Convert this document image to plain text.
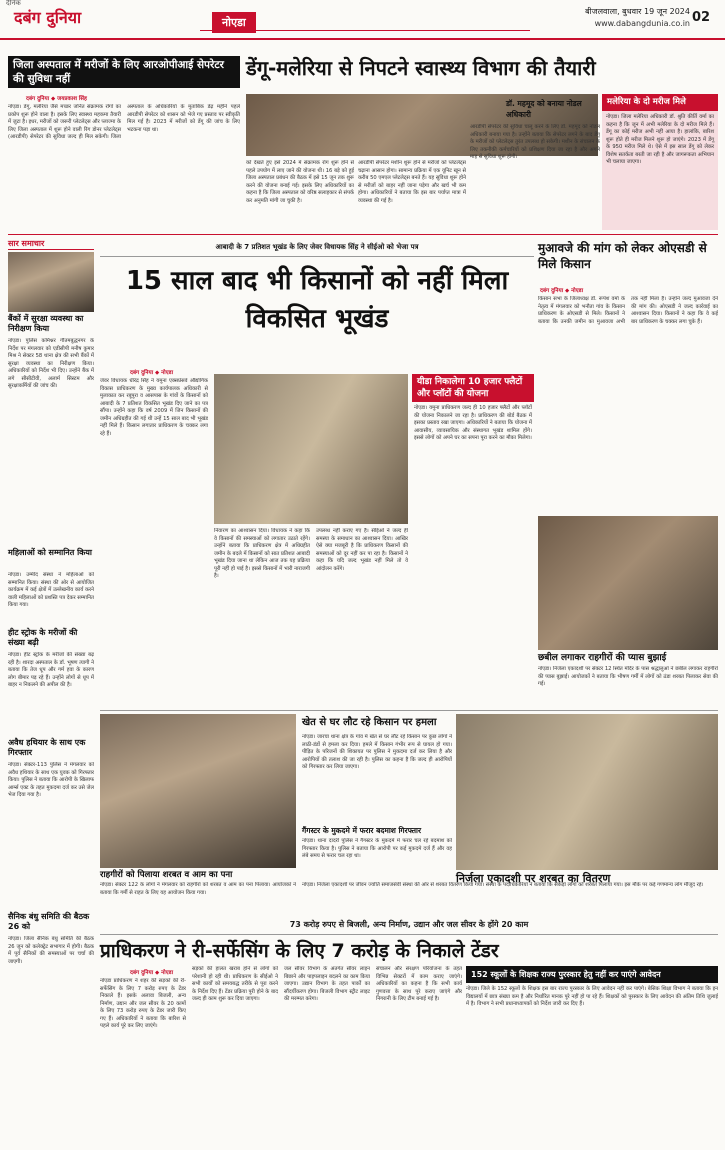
दैनिक
दबंग दुनिया	नोएडा
बीजलवाला, बुधवार 19 जून 2024
www.dabangdunia.co.in 02
जिला अस्पताल में मरीजों के लिए आरओपीआई सेपरेटर की सुविधा नहीं
दबंग दुनिया ◆ जयप्रकाश सिंह
नोएडा। डेंगू, मलेरिया जैसे मच्छर जनित संक्रामक रोगों का प्रकोप शुरू होने वाला है। इसके लिए स्वास्थ्य महकमा तैयारी में जुटा है। इधर, मरीजों को जरूरी प्लेटलेट्स और प्लाज्मा के लिए जिला अस्पताल में शुरू होने वाली रिंग डोनर प्लेटलेट्स (आरडीपी) सेपरेटर की सुविधा जल्द ही मिल सकेगी। जिला अस्पताल के अधिकारियों के मुताबिक डेढ़ महीने पहले आरडीपी सेपरेटर को शासन को भेजे गए प्रस्ताव पर स्वीकृति मिल गई है। 2023 में मरीजों को डेंगू की जांच के लिए भटकना पड़ा था।
डेंगू-मलेरिया से निपटने स्वास्थ्य विभाग की तैयारी
को देखते हुए इसे 2024 में संक्रामक रोग शुरू होने से पहले उपयोग में लाए जाने की योजना थी। 16 बड़े को हुई जिला अस्पताल प्रबंधन की बैठक में इसे 15 जून तक शुरू करने की योजना बनाई गई। इसके लिए अधिकारियों का कहना है कि जिला अस्पताल को वरिष्ठ सलाहकार से संपर्क कर अनुमति मांगी जा चुकी है।
आरडीपी सेपरेटर मशीन शुरू होने से मरीजों को प्लेटलेट्स चढ़ाना आसान होगा। सामान्य प्रक्रिया में एक यूनिट खून से करीब 50 एमएल प्लेटलेट्स बनते हैं। यह सुविधा शुरू होने से मरीजों को बाहर नहीं जाना पड़ेगा और खर्च भी कम होगा। अधिकारियों ने बताया कि इस बार पर्याप्त मात्रा में व्यवस्था की गई है।
डॉ. महमूद को बनाया नोडल अधिकारी
आरडीपी सेपरेटर की सुविधा चालू करने के लिए डॉ. महमूद को नोडल अधिकारी बनाया गया है। उन्होंने बताया कि सेपरेटर लगने के बाद डेंगू के मरीजों को प्लेटलेट्स तुरंत उपलब्ध हो सकेगी। मशीन के संचालन के लिए तकनीकी कर्मचारियों को प्रशिक्षण दिया जा रहा है और अगले माह से सुविधा शुरू होगी।
मलेरिया के दो मरीज मिले
नोएडा। जिला मलेरिया अधिकारी डॉ. श्रुति कीर्ति वर्मा का कहना है कि जून में अभी मलेरिया के दो मरीज मिले हैं। डेंगू का कोई मरीज अभी नहीं आया है। हालांकि, बारिश शुरू होते ही मरीज मिलने शुरू हो जाएंगे। 2023 में डेंगू के 950 मरीज मिले थे। ऐसे में इस साल डेंगू को लेकर विशेष सतर्कता बरती जा रही है और जागरूकता अभियान भी चलाया जाएगा।
सार समाचार
बैंकों में सुरक्षा व्यवस्था का निरीक्षण किया
नोएडा। पुलिस कमिश्नर गौतमबुद्धनगर के निर्देश पर मंगलवार को एडीसीपी मनीष कुमार मिश्र ने सेक्टर 58 थाना क्षेत्र की सभी बैंकों में सुरक्षा व्यवस्था का निरीक्षण किया। अधिकारियों को निर्देश भी दिए। उन्होंने बैंक में लगे सीसीटीवी, अलार्म सिस्टम और सुरक्षाकर्मियों की जांच की।
महिलाओं को सम्मानित किया
नोएडा। उम्मीद संस्था ने महिलाओं को सम्मानित किया। संस्था की ओर से आयोजित कार्यक्रम में कई क्षेत्रों में उल्लेखनीय कार्य करने वाली महिलाओं को प्रशस्ति पत्र देकर सम्मानित किया गया।
हीट स्ट्रोक के मरीजों की संख्या बढ़ी
नोएडा। हीट स्ट्रोक के मरीजों की संख्या बढ़ रही है। शारदा अस्पताल के डॉ. भूषण त्यागी ने बताया कि तेज धूप और गर्म हवा के कारण लोग बीमार पड़ रहे हैं। उन्होंने लोगों से धूप में बाहर न निकलने की अपील की है।
अवैध हथियार के साथ एक गिरफ्तार
नोएडा। सेक्टर-113 पुलिस ने मंगलवार को अवैध हथियार के साथ एक युवक को गिरफ्तार किया। पुलिस ने बताया कि आरोपी के खिलाफ आर्म्स एक्ट के तहत मुकदमा दर्ज कर उसे जेल भेज दिया गया है।
सैनिक बंधु समिति की बैठक 26 को
नोएडा। जिला सैनिक बंधु समिति की बैठक 26 जून को कलेक्ट्रेट सभागार में होगी। बैठक में पूर्व सैनिकों की समस्याओं पर चर्चा की जाएगी।
आबादी के 7 प्रतिशत भूखंड के लिए जेवर विधायक सिंह ने सीईओ को भेजा पत्र
15 साल बाद भी किसानों को नहीं मिला विकसित भूखंड
दबंग दुनिया ◆ नोएडा
जेवर विधायक धीरेंद्र सिंह ने यमुना एक्सप्रेसवे औद्योगिक विकास प्राधिकरण के मुख्य कार्यपालक अधिकारी से मुलाकात कर रबूपुरा व आसपास के गांवों के किसानों को आबादी के 7 प्रतिशत विकसित भूखंड दिए जाने का पत्र सौंपा। उन्होंने कहा कि वर्ष 2009 में जिन किसानों की जमीन अधिग्रहीत की गई थी उन्हें 15 साल बाद भी भूखंड नहीं मिले हैं। किसान लगातार प्राधिकरण के चक्कर लगा रहे हैं।
निवारण का आश्वासन दिया। विधायक ने कहा कि वे किसानों की समस्याओं को लगातार उठाते रहेंगे। उन्होंने बताया कि प्राधिकरण क्षेत्र में अधिग्रहीत जमीन के बदले में किसानों को सात प्रतिशत आबादी भूखंड दिया जाना था लेकिन आज तक यह प्रक्रिया पूरी नहीं हो पाई है। इससे किसानों में भारी नाराजगी है।
उपलब्ध नहीं कराए गए हैं। सीईओ ने जल्द ही समस्या के समाधान का आश्वासन दिया। आखिर ऐसे क्या मजबूरी है कि प्राधिकरण किसानों की समस्याओं को दूर नहीं कर पा रहा है। किसानों ने कहा कि यदि जल्द भूखंड नहीं मिले तो वे आंदोलन करेंगे।
यीडा निकालेगा 10 हजार फ्लैटों और प्लॉटों की योजना
नोएडा। यमुना प्राधिकरण जल्द ही 10 हजार फ्लैटों और प्लॉटों की योजना निकालने जा रहा है। प्राधिकरण की बोर्ड बैठक में इसका प्रस्ताव रखा जाएगा। अधिकारियों ने बताया कि योजना में आवासीय, व्यावसायिक और संस्थागत भूखंड शामिल होंगे। इससे लोगों को अपने घर का सपना पूरा करने का मौका मिलेगा।
मुआवजे की मांग को लेकर ओएसडी से मिले किसान
दबंग दुनिया ◆ नोएडा
किसान सभा के जिलाध्यक्ष डॉ. रूपेश वर्मा के नेतृत्व में मंगलवार को भनौता गांव के किसान प्राधिकरण के ओएसडी से मिले। किसानों ने बताया कि उनकी जमीन का मुआवजा अभी तक नहीं मिला है। उन्होंने जल्द मुआवजा देने की मांग की। ओएसडी ने जल्द कार्रवाई का आश्वासन दिया। किसानों ने कहा कि वे कई बार प्राधिकरण के चक्कर लगा चुके हैं।
छबील लगाकर राहगीरों की प्यास बुझाई
नोएडा। निर्जला एकादशी पर सेक्टर 12 स्थित मंदिर के पास श्रद्धालुओं ने छबील लगाकर राहगीरों की प्यास बुझाई। आयोजकों ने बताया कि भीषण गर्मी में लोगों को ठंडा शरबत पिलाकर सेवा की गई।
खेत से घर लौट रहे किसान पर हमला
नोएडा। जारचा थाना क्षेत्र के गांव में खेत से घर लौट रहे किसान पर कुछ लोगों ने लाठी-डंडों से हमला कर दिया। हमले में किसान गंभीर रूप से घायल हो गया। पीड़ित के परिजनों की शिकायत पर पुलिस ने मुकदमा दर्ज कर लिया है और आरोपियों की तलाश की जा रही है। पुलिस का कहना है कि जल्द ही आरोपियों को गिरफ्तार कर लिया जाएगा।
गैंगस्टर के मुकदमे में फरार बदमाश गिरफ्तार
नोएडा। थाना दादरी पुलिस ने गैंगस्टर के मुकदमे में फरार चल रहे बदमाश को गिरफ्तार किया है। पुलिस ने बताया कि आरोपी पर कई मुकदमे दर्ज हैं और वह लंबे समय से फरार चल रहा था।
राहगीरों को पिलाया शरबत व आम का पना
नोएडा। सेक्टर 122 के लोगों ने मंगलवार को राहगीरों को शरबत व आम का पना पिलाया। आयोजकों ने बताया कि गर्मी से राहत के लिए यह आयोजन किया गया।
निर्जला एकादशी पर शरबत का वितरण
नोएडा। निर्जला एकादशी पर जीवन ज्योति समाजसेवी संस्था की ओर से शरबत वितरण किया गया। संस्था के पदाधिकारियों ने बताया कि सैकड़ों लोगों को शरबत पिलाया गया। इस मौके पर कई गणमान्य लोग मौजूद रहे।
73 करोड़ रुपए से बिजली, अन्य निर्माण, उद्यान और जल सीवर के होंगे 20 काम
प्राधिकरण ने री-सर्फेसिंग के लिए 7 करोड़ के निकाले टेंडर
दबंग दुनिया ◆ नोएडा
नोएडा प्राधिकरण ने शहर की सड़कों की री-सर्फेसिंग के लिए 7 करोड़ रुपए के टेंडर निकाले हैं। इसके अलावा बिजली, अन्य निर्माण, उद्यान और जल सीवर के 20 कामों के लिए 73 करोड़ रुपए के टेंडर जारी किए गए हैं। अधिकारियों ने बताया कि बारिश से पहले कार्य पूरे कर लिए जाएंगे।
सड़कों की हालत खराब होने से लोगों को परेशानी हो रही थी। प्राधिकरण के सीईओ ने सभी कार्यों को समयबद्ध तरीके से पूरा करने के निर्देश दिए हैं। टेंडर प्रक्रिया पूरी होने के बाद जल्द ही काम शुरू कर दिया जाएगा।
जल सीवर विभाग के अंतर्गत सीवर लाइन बिछाने और पाइपलाइन बदलने का काम किया जाएगा। उद्यान विभाग के तहत पार्कों का सौंदर्यीकरण होगा। बिजली विभाग स्ट्रीट लाइट की मरम्मत करेगा।
संचालन और संरक्षण परियोजना के तहत विभिन्न सेक्टरों में काम कराए जाएंगे। अधिकारियों का कहना है कि सभी कार्य गुणवत्ता के साथ पूरे कराए जाएंगे और निगरानी के लिए टीम बनाई गई है।
152 स्कूलों के शिक्षक राज्य पुरस्कार हेतु नहीं कर पाएंगे आवेदन
नोएडा। जिले के 152 स्कूलों के शिक्षक इस बार राज्य पुरस्कार के लिए आवेदन नहीं कर पाएंगे। बेसिक शिक्षा विभाग ने बताया कि इन विद्यालयों में छात्र संख्या कम है और निर्धारित मानक पूरे नहीं हो पा रहे हैं। शिक्षकों को पुरस्कार के लिए आवेदन की अंतिम तिथि जुलाई में है। विभाग ने सभी प्रधानाध्यापकों को निर्देश जारी कर दिए हैं।
